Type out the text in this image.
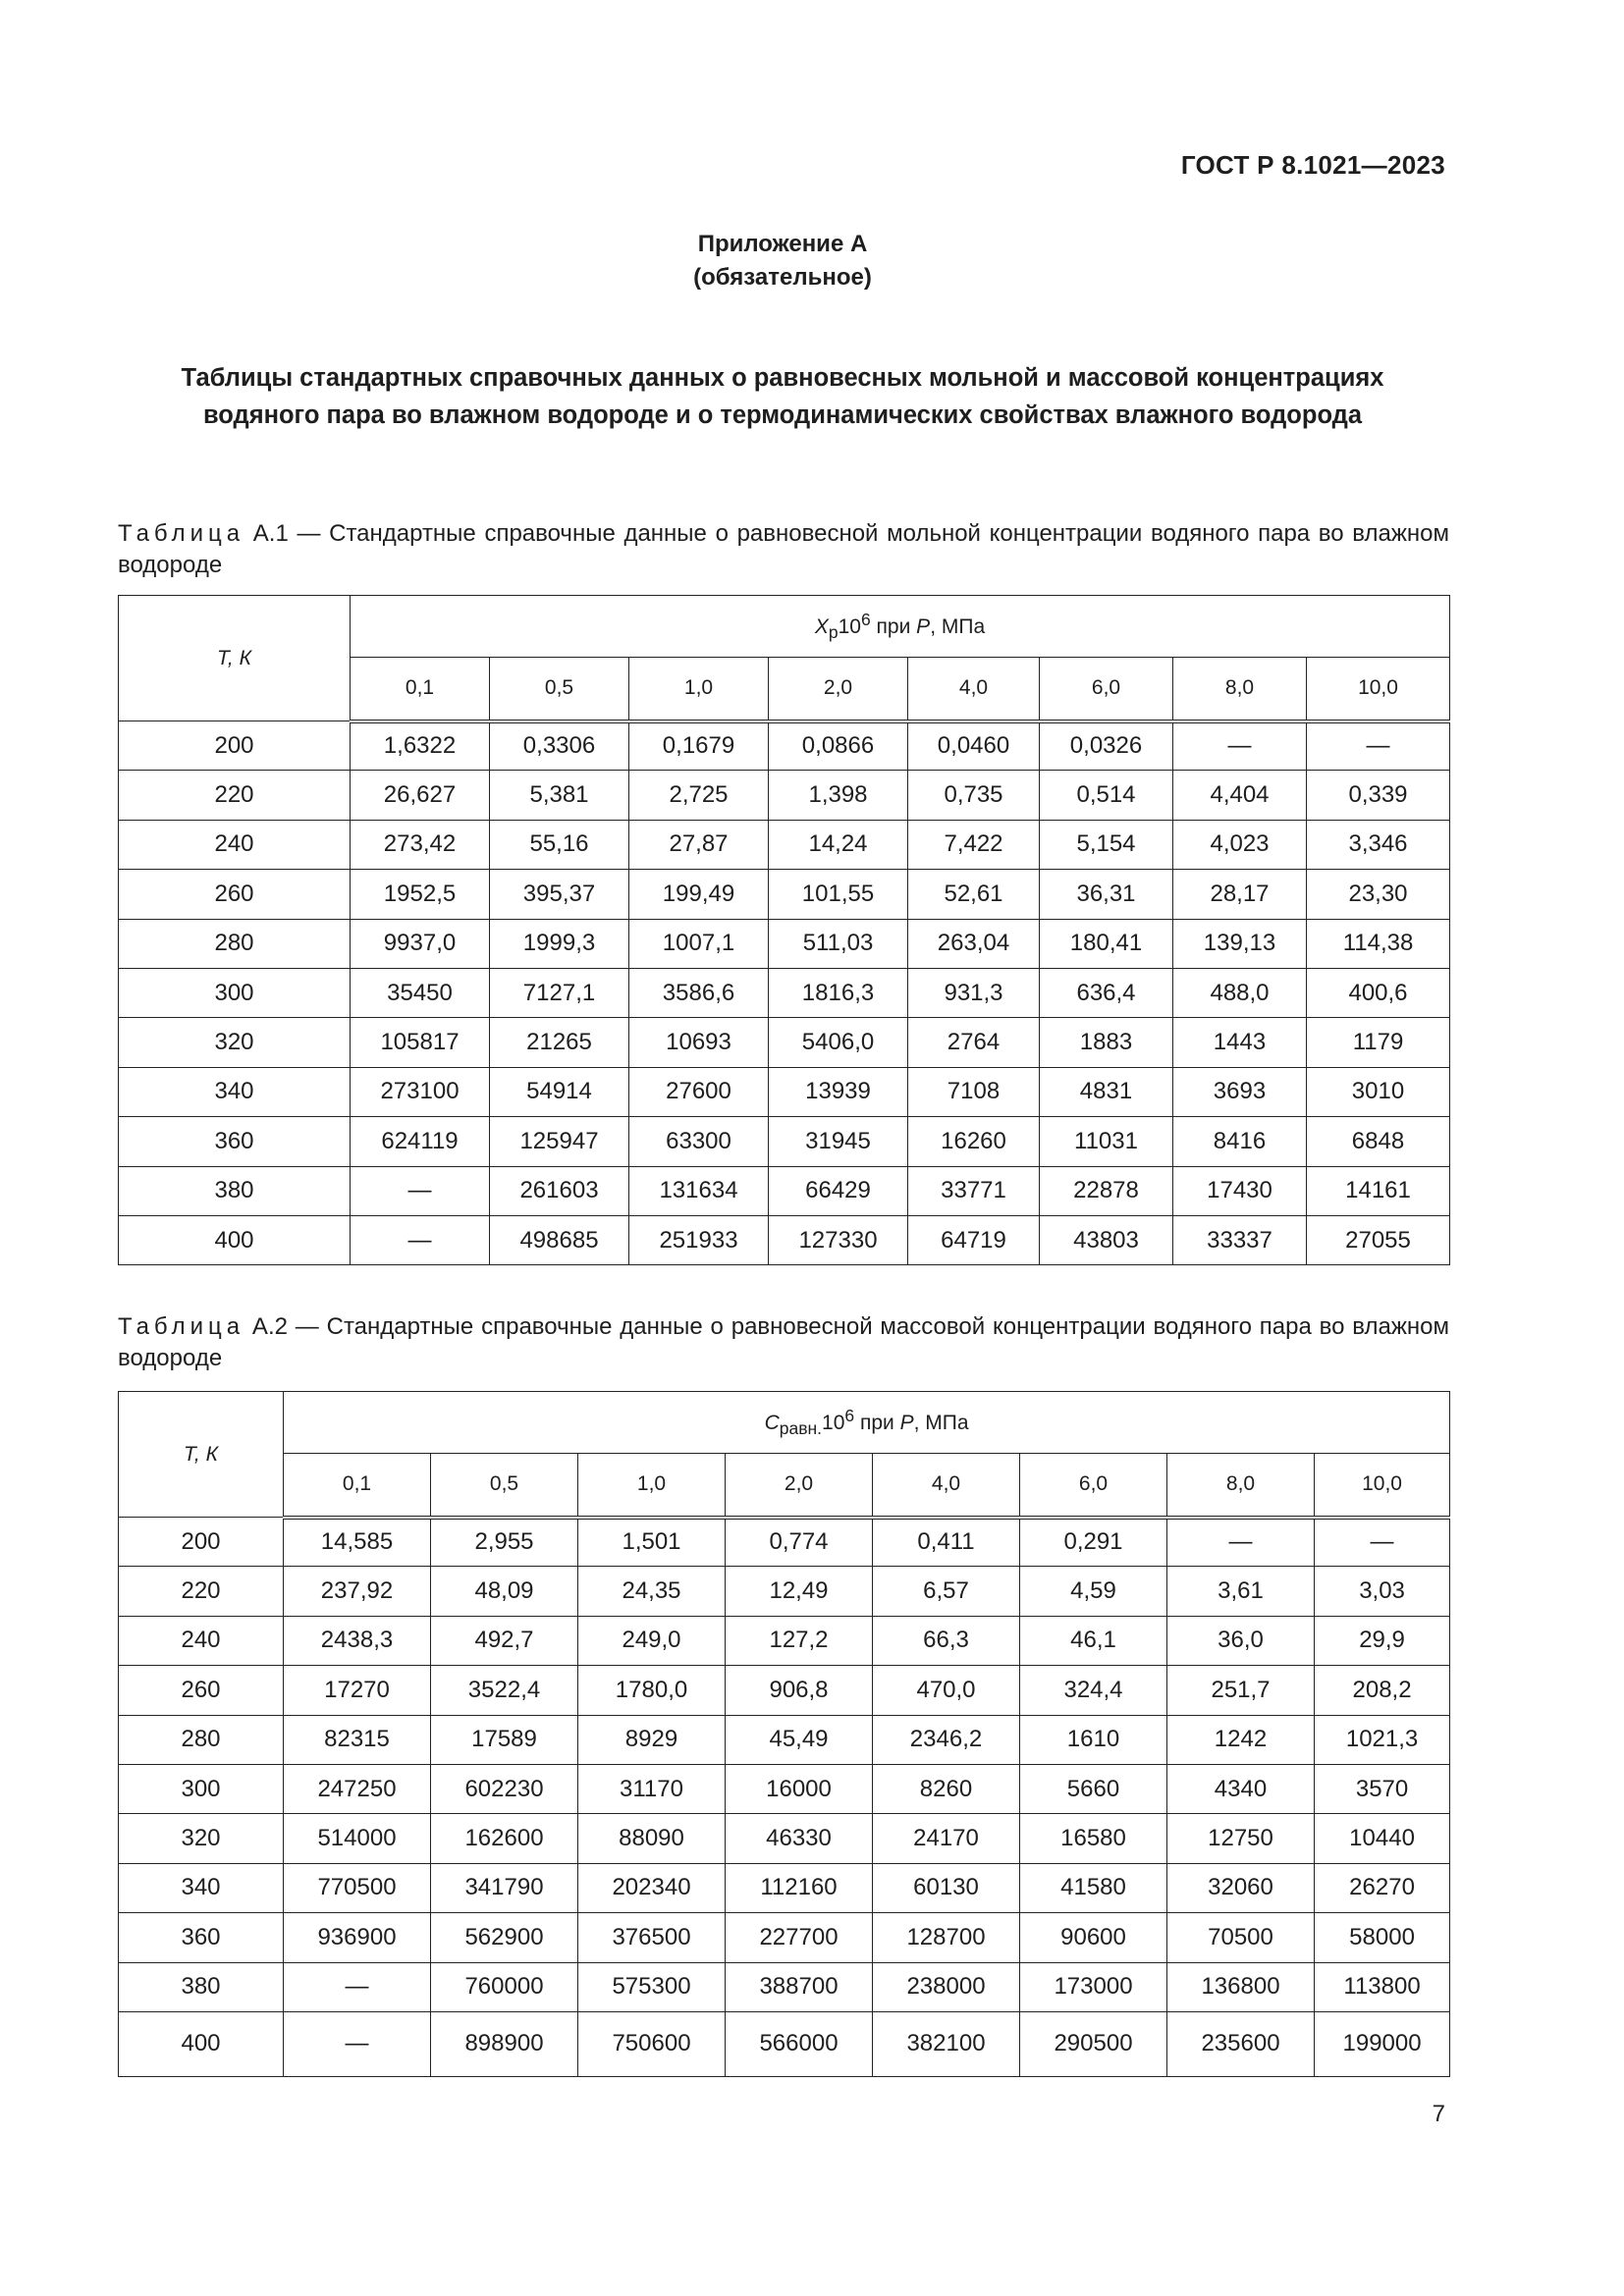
ГОСТ Р 8.1021—2023
Приложение А
(обязательное)
Таблицы стандартных справочных данных о равновесных мольной и массовой концентрациях
водяного пара во влажном водороде и о термодинамических свойствах влажного водорода
Таблица А.1 — Стандартные справочные данные о равновесной мольной концентрации водяного пара во влажном водороде
T, К	$X_р10^6$ при P, МПа							
	0,1	0,5	1,0	2,0	4,0	6,0	8,0	10,0
200	1,6322	0,3306	0,1679	0,0866	0,0460	0,0326	—	—
220	26,627	5,381	2,725	1,398	0,735	0,514	4,404	0,339
240	273,42	55,16	27,87	14,24	7,422	5,154	4,023	3,346
260	1952,5	395,37	199,49	101,55	52,61	36,31	28,17	23,30
280	9937,0	1999,3	1007,1	511,03	263,04	180,41	139,13	114,38
300	35450	7127,1	3586,6	1816,3	931,3	636,4	488,0	400,6
320	105817	21265	10693	5406,0	2764	1883	1443	1179
340	273100	54914	27600	13939	7108	4831	3693	3010
360	624119	125947	63300	31945	16260	11031	8416	6848
380	—	261603	131634	66429	33771	22878	17430	14161
400	—	498685	251933	127330	64719	43803	33337	27055
Таблица А.2 — Стандартные справочные данные о равновесной массовой концентрации водяного пара во влажном водороде
T, К	$C_{равн.}10^6$ при P, МПа							
	0,1	0,5	1,0	2,0	4,0	6,0	8,0	10,0
200	14,585	2,955	1,501	0,774	0,411	0,291	—	—
220	237,92	48,09	24,35	12,49	6,57	4,59	3,61	3,03
240	2438,3	492,7	249,0	127,2	66,3	46,1	36,0	29,9
260	17270	3522,4	1780,0	906,8	470,0	324,4	251,7	208,2
280	82315	17589	8929	45,49	2346,2	1610	1242	1021,3
300	247250	602230	31170	16000	8260	5660	4340	3570
320	514000	162600	88090	46330	24170	16580	12750	10440
340	770500	341790	202340	112160	60130	41580	32060	26270
360	936900	562900	376500	227700	128700	90600	70500	58000
380	—	760000	575300	388700	238000	173000	136800	113800
400	—	898900	750600	566000	382100	290500	235600	199000
7
